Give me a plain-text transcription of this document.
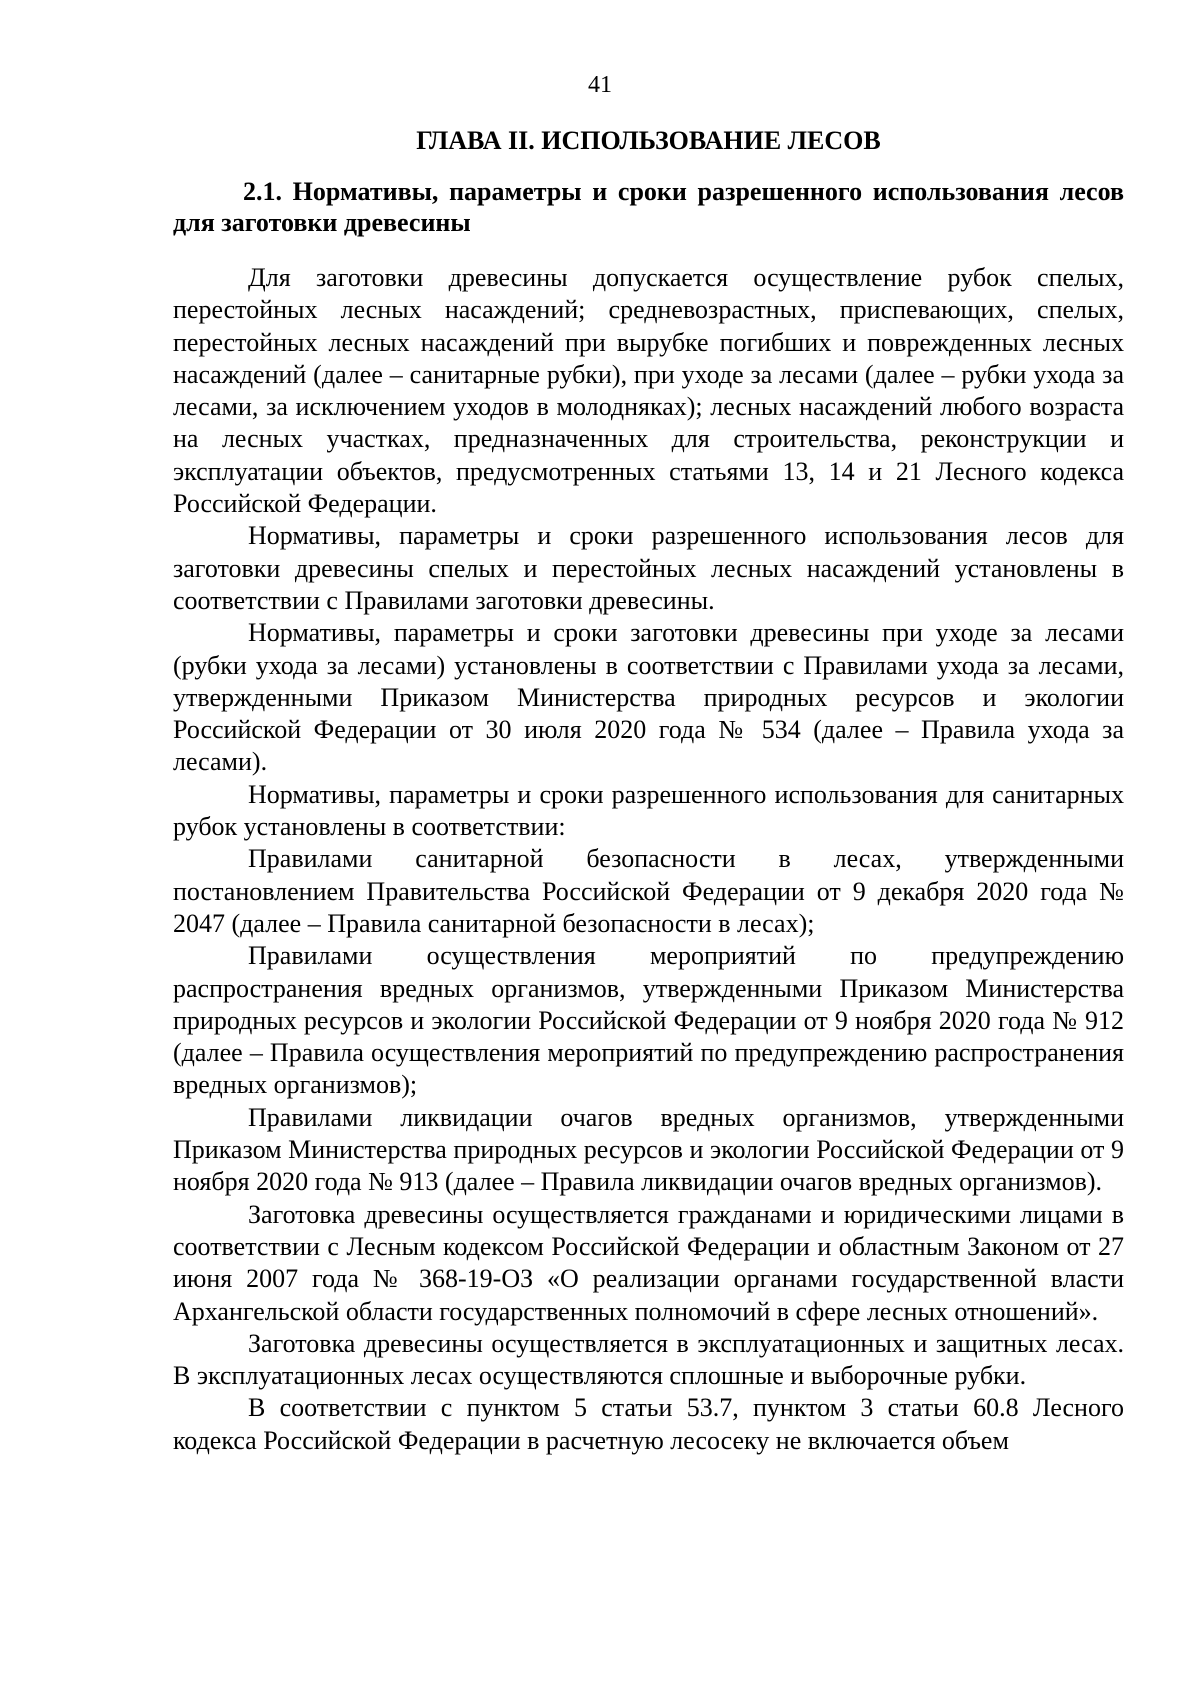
41
ГЛАВА II. ИСПОЛЬЗОВАНИЕ ЛЕСОВ

2.1. Нормативы, параметры и сроки разрешенного использования лесов для заготовки древесины

Для заготовки древесины допускается осуществление рубок спелых, перестойных лесных насаждений; средневозрастных, приспевающих, спелых, перестойных лесных насаждений при вырубке погибших и поврежденных лесных насаждений (далее – санитарные рубки), при уходе за лесами (далее – рубки ухода за лесами, за исключением уходов в молодняках); лесных насаждений любого возраста на лесных участках, предназначенных для строительства, реконструкции и эксплуатации объектов, предусмотренных статьями 13, 14 и 21 Лесного кодекса Российской Федерации.

Нормативы, параметры и сроки разрешенного использования лесов для заготовки древесины спелых и перестойных лесных насаждений установлены в соответствии с Правилами заготовки древесины.

Нормативы, параметры и сроки заготовки древесины при уходе за лесами (рубки ухода за лесами) установлены в соответствии с Правилами ухода за лесами, утвержденными Приказом Министерства природных ресурсов и экологии Российской Федерации от 30 июля 2020 года № 534 (далее – Правила ухода за лесами).

Нормативы, параметры и сроки разрешенного использования для санитарных рубок установлены в соответствии:

Правилами санитарной безопасности в лесах, утвержденными постановлением Правительства Российской Федерации от 9 декабря 2020 года № 2047 (далее – Правила санитарной безопасности в лесах);

Правилами осуществления мероприятий по предупреждению распространения вредных организмов, утвержденными Приказом Министерства природных ресурсов и экологии Российской Федерации от 9 ноября 2020 года № 912 (далее – Правила осуществления мероприятий по предупреждению распространения вредных организмов);

Правилами ликвидации очагов вредных организмов, утвержденными Приказом Министерства природных ресурсов и экологии Российской Федерации от 9 ноября 2020 года № 913 (далее – Правила ликвидации очагов вредных организмов).

Заготовка древесины осуществляется гражданами и юридическими лицами в соответствии с Лесным кодексом Российской Федерации и областным Законом от 27 июня 2007 года № 368-19-ОЗ «О реализации органами государственной власти Архангельской области государственных полномочий в сфере лесных отношений».

Заготовка древесины осуществляется в эксплуатационных и защитных лесах. В эксплуатационных лесах осуществляются сплошные и выборочные рубки.

В соответствии с пунктом 5 статьи 53.7, пунктом 3 статьи 60.8 Лесного кодекса Российской Федерации в расчетную лесосеку не включается объем
